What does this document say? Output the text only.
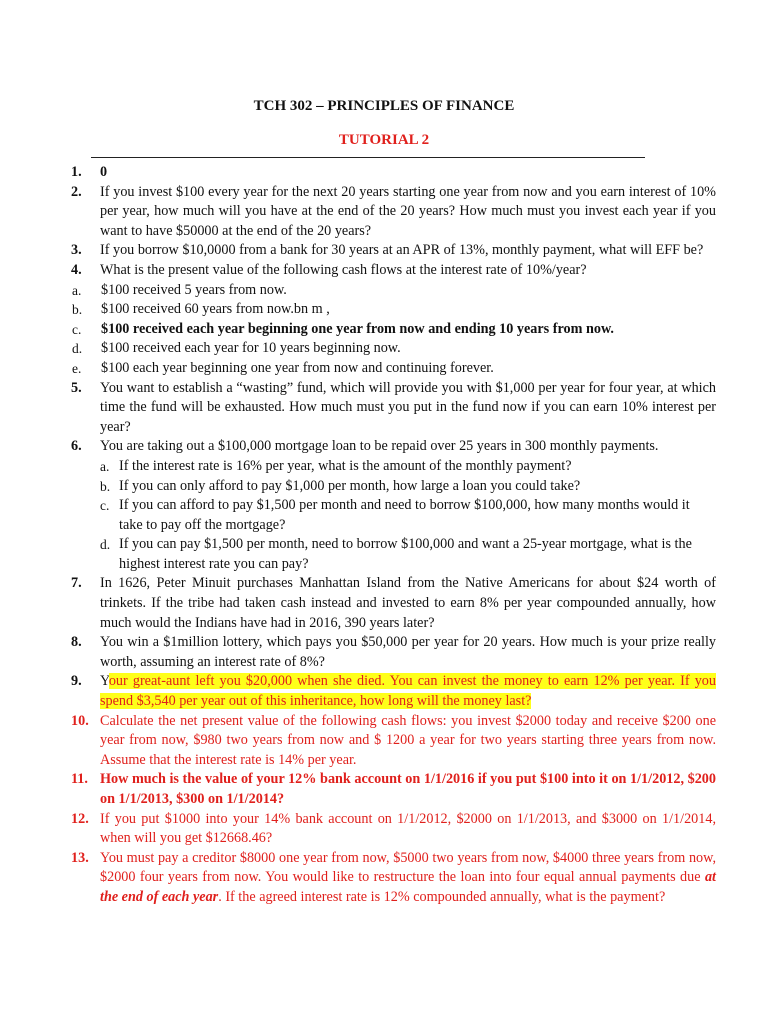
TCH 302 – PRINCIPLES OF FINANCE
TUTORIAL 2
1.	0
2.	If you invest $100 every year for the next 20 years starting one year from now and you earn interest of 10% per year, how much will you have at the end of the 20 years? How much must you invest each year if you want to have $50000 at the end of the 20 years?
3.	If you borrow $10,0000 from a bank for 30 years at an APR of 13%, monthly payment, what will EFF be?
4.	What is the present value of the following cash flows at the interest rate of 10%/year?
a.	$100 received 5 years from now.
b.	$100 received 60 years from now.bn m ,
c.	$100 received each year beginning one year from now and ending 10 years from now.
d.	$100 received each year for 10 years beginning now.
e.	$100 each year beginning one year from now and continuing forever.
5.	You want to establish a “wasting” fund, which will provide you with $1,000 per year for four year, at which time the fund will be exhausted. How much must you put in the fund now if you can earn 10% interest per year?
6.	You are taking out a $100,000 mortgage loan to be repaid over 25 years in 300 monthly payments.
a. If the interest rate is 16% per year, what is the amount of the monthly payment?
b. If you can only afford to pay $1,000 per month, how large a loan you could take?
c. If you can afford to pay $1,500 per month and need to borrow $100,000, how many months would it take to pay off the mortgage?
d. If you can pay $1,500 per month, need to borrow $100,000 and want a 25-year mortgage, what is the highest interest rate you can pay?
7.	In 1626, Peter Minuit purchases Manhattan Island from the Native Americans for about $24 worth of trinkets. If the tribe had taken cash instead and invested to earn 8% per year compounded annually, how much would the Indians have had in 2016, 390 years later?
8.	You win a $1million lottery, which pays you $50,000 per year for 20 years. How much is your prize really worth, assuming an interest rate of 8%?
9.	Your great-aunt left you $20,000 when she died. You can invest the money to earn 12% per year. If you spend $3,540 per year out of this inheritance, how long will the money last?
10. Calculate the net present value of the following cash flows: you invest $2000 today and receive $200 one year from now, $980 two years from now and $ 1200 a year for two years starting three years from now. Assume that the interest rate is 14% per year.
11. How much is the value of your 12% bank account on 1/1/2016 if you put $100 into it on 1/1/2012, $200 on 1/1/2013, $300 on 1/1/2014?
12. If you put $1000 into your 14% bank account on 1/1/2012, $2000 on 1/1/2013, and $3000 on 1/1/2014, when will you get $12668.46?
13. You must pay a creditor $8000 one year from now, $5000 two years from now, $4000 three years from now, $2000 four years from now. You would like to restructure the loan into four equal annual payments due at the end of each year. If the agreed interest rate is 12% compounded annually, what is the payment?
